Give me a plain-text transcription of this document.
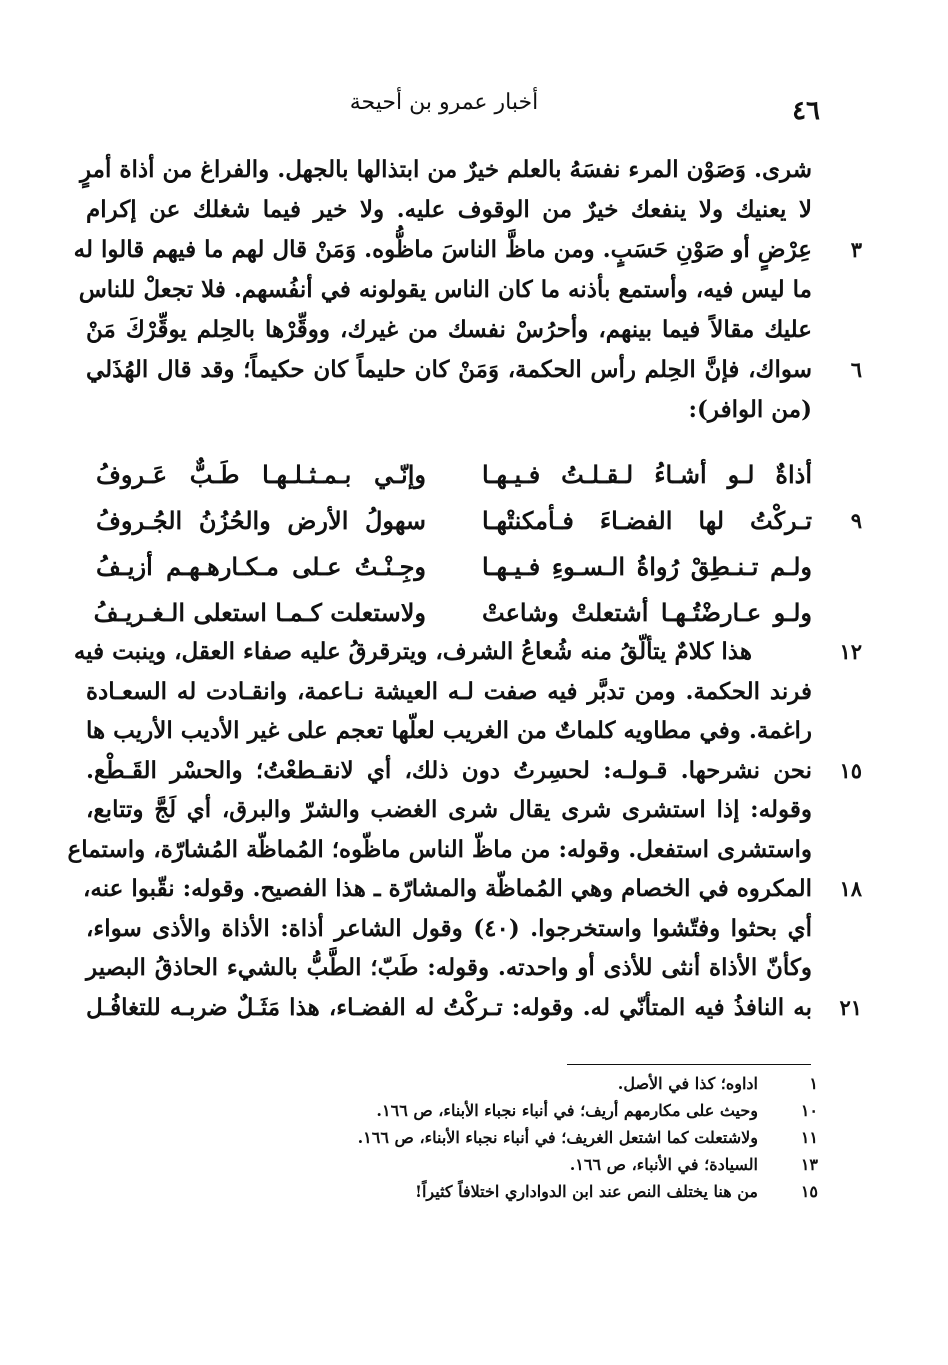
٤٦
أخبار عمرو بن أحيحة
شرى. وَصَوْن المرء نفسَهُ بالعلم خيرٌ من ابتذالها بالجهل. والفراغ من أذاة أمرٍ
لا يعنيك ولا ينفعك خيرٌ من الوقوف عليه. ولا خير فيما شغلك عن إكرام
٣
عِرْضٍ أو صَوْنِ حَسَبٍ. ومن ماظَّ الناسَ ماظُّوه. وَمَنْ قال لهم ما فيهم قالوا له
ما ليس فيه، وأستمع بأذنه ما كان الناس يقولونه في أنفُسهم. فلا تجعلْ للناس
عليك مقالاً فيما بينهم، وأحرُسْ نفسك من غيرك، ووقِّرْها بالحِلم يوقِّرْكَ مَنْ
٦
سواك، فإنَّ الحِلم رأس الحكمة، وَمَنْ كان حليماً كان حكيماً؛ وقد قال الهُذَلي
(من الوافر):
أذاةٌ لـو أشـاءُ لـقـلـتُ فـيـهـا
وإنّـي بـمـثـلـهـا طَـبٌّ عَـروفُ
٩
تـركْتُ لها الفضـاءَ فـأمكنتْهـا
سهولُ الأرض والحُزُنُ الجُـروفُ
ولـم تـنـطِقْ رُواةُ الـسـوءِ فـيـهـا
وجِـنْـتُ عـلى مـكـارهـهـم أزيـفُ
ولـو عـارضْتُـهـا أشتعلتْ وشاعتْ
ولاستعلت كـمـا استعلى الـغـريـفُ
١٢
هذا كلامٌ يتألّقُ منه شُعاعُ الشرف، ويترقرقُ عليه صفاء العقل، وينبت فيه
فرند الحكمة. ومن تدبَّر فيه صفت لـه العيشة نـاعمة، وانقـادت له السعـادة
راغمة. وفي مطاويه كلماتٌ من الغريب لعلّها تعجم على غير الأديب الأريب ها
١٥
نحن نشرحها. قـولـه: لحسِرتُ دون ذلك، أي لانقـطعْتُ؛ والحسْر القَـطْع.
وقوله: إذا استشرى شرى يقال شرى الغضب والشرّ والبرق، أي لَجَّ وتتابع،
واستشرى استفعل. وقوله: من ماظّ الناس ماظّوه؛ المُماظّة المُشارّة، واستماع
١٨
المكروه في الخصام وهي المُماظّة والمشارّة ـ هذا الفصيح. وقوله: نقّبوا عنه،
أي بحثوا وفتّشوا واستخرجوا. (٤٠) وقول الشاعر أذاة: الأذاة والأذى سواء،
وكأنّ الأذاة أنثى للأذى أو واحدته. وقوله: طَبّ؛ الطَّبُّ بالشيء الحاذقُ البصير
٢١
به النافذُ فيه المتأنّي له. وقوله: تـركْتُ له الفضـاء، هذا مَثَـلٌ ضربـه للتغافُـل
١
اداوه؛ كذا في الأصل.
١٠
وحيث على مكارمهم أريف؛ في أنباء نجباء الأبناء، ص ١٦٦.
١١
ولاشتعلت كما اشتعل الغريف؛ في أنباء نجباء الأبناء، ص ١٦٦.
١٣
السيادة؛ في الأنباء، ص ١٦٦.
١٥
من هنا يختلف النص عند ابن الدواداري اختلافاً كثيراً!
